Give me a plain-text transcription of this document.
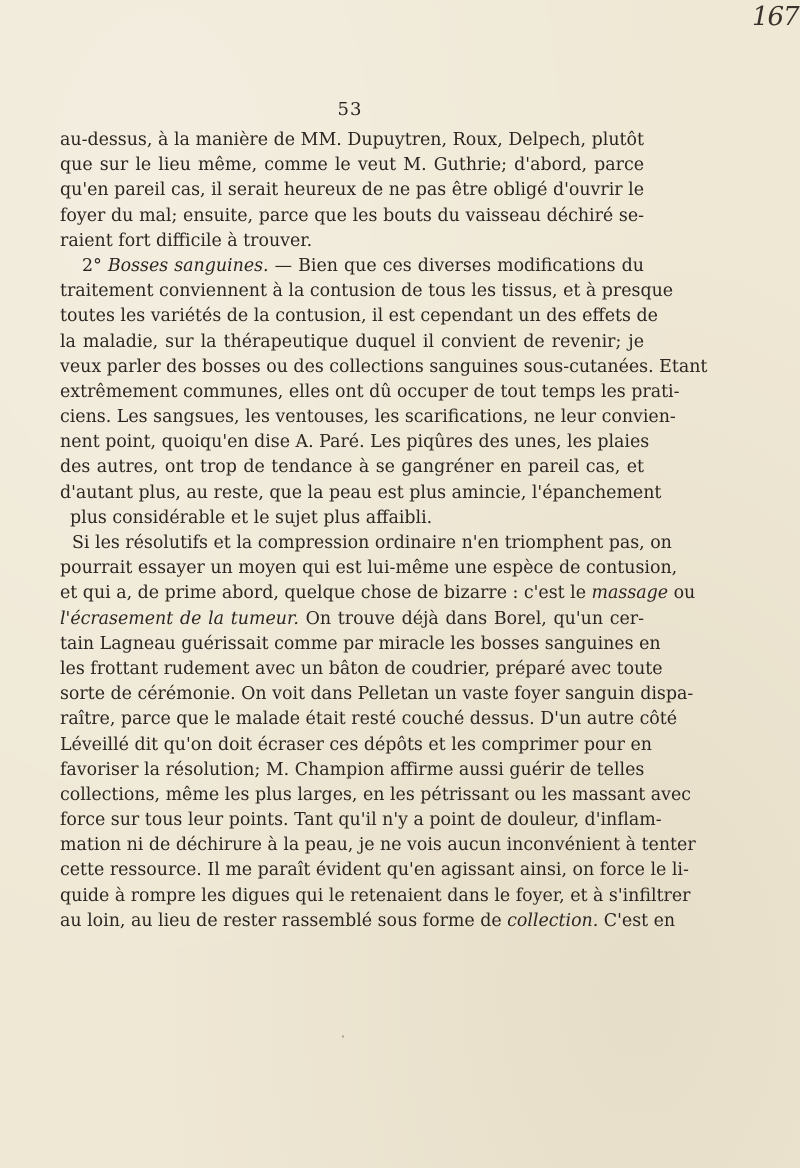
167
53
au-dessus, à la manière de MM. Dupuytren, Roux, Delpech, plutôt
que sur le lieu même, comme le veut M. Guthrie; d'abord, parce
qu'en pareil cas, il serait heureux de ne pas être obligé d'ouvrir le
foyer du mal; ensuite, parce que les bouts du vaisseau déchiré se-
raient fort difficile à trouver.
2° Bosses sanguines. — Bien que ces diverses modifications du
traitement conviennent à la contusion de tous les tissus, et à presque
toutes les variétés de la contusion, il est cependant un des effets de
la maladie, sur la thérapeutique duquel il convient de revenir; je
veux parler des bosses ou des collections sanguines sous-cutanées. Etant
extrêmement communes, elles ont dû occuper de tout temps les prati-
ciens. Les sangsues, les ventouses, les scarifications, ne leur convien-
nent point, quoiqu'en dise A. Paré. Les piqûres des unes, les plaies
des autres, ont trop de tendance à se gangréner en pareil cas, et
d'autant plus, au reste, que la peau est plus amincie, l'épanchement
plus considérable et le sujet plus affaibli.
Si les résolutifs et la compression ordinaire n'en triomphent pas, on
pourrait essayer un moyen qui est lui-même une espèce de contusion,
et qui a, de prime abord, quelque chose de bizarre : c'est le massage ou
l'écrasement de la tumeur. On trouve déjà dans Borel, qu'un cer-
tain Lagneau guérissait comme par miracle les bosses sanguines en
les frottant rudement avec un bâton de coudrier, préparé avec toute
sorte de cérémonie. On voit dans Pelletan un vaste foyer sanguin dispa-
raître, parce que le malade était resté couché dessus. D'un autre côté
Léveillé dit qu'on doit écraser ces dépôts et les comprimer pour en
favoriser la résolution; M. Champion affirme aussi guérir de telles
collections, même les plus larges, en les pétrissant ou les massant avec
force sur tous leur points. Tant qu'il n'y a point de douleur, d'inflam-
mation ni de déchirure à la peau, je ne vois aucun inconvénient à tenter
cette ressource. Il me paraît évident qu'en agissant ainsi, on force le li-
quide à rompre les digues qui le retenaient dans le foyer, et à s'infiltrer
au loin, au lieu de rester rassemblé sous forme de collection. C'est en
